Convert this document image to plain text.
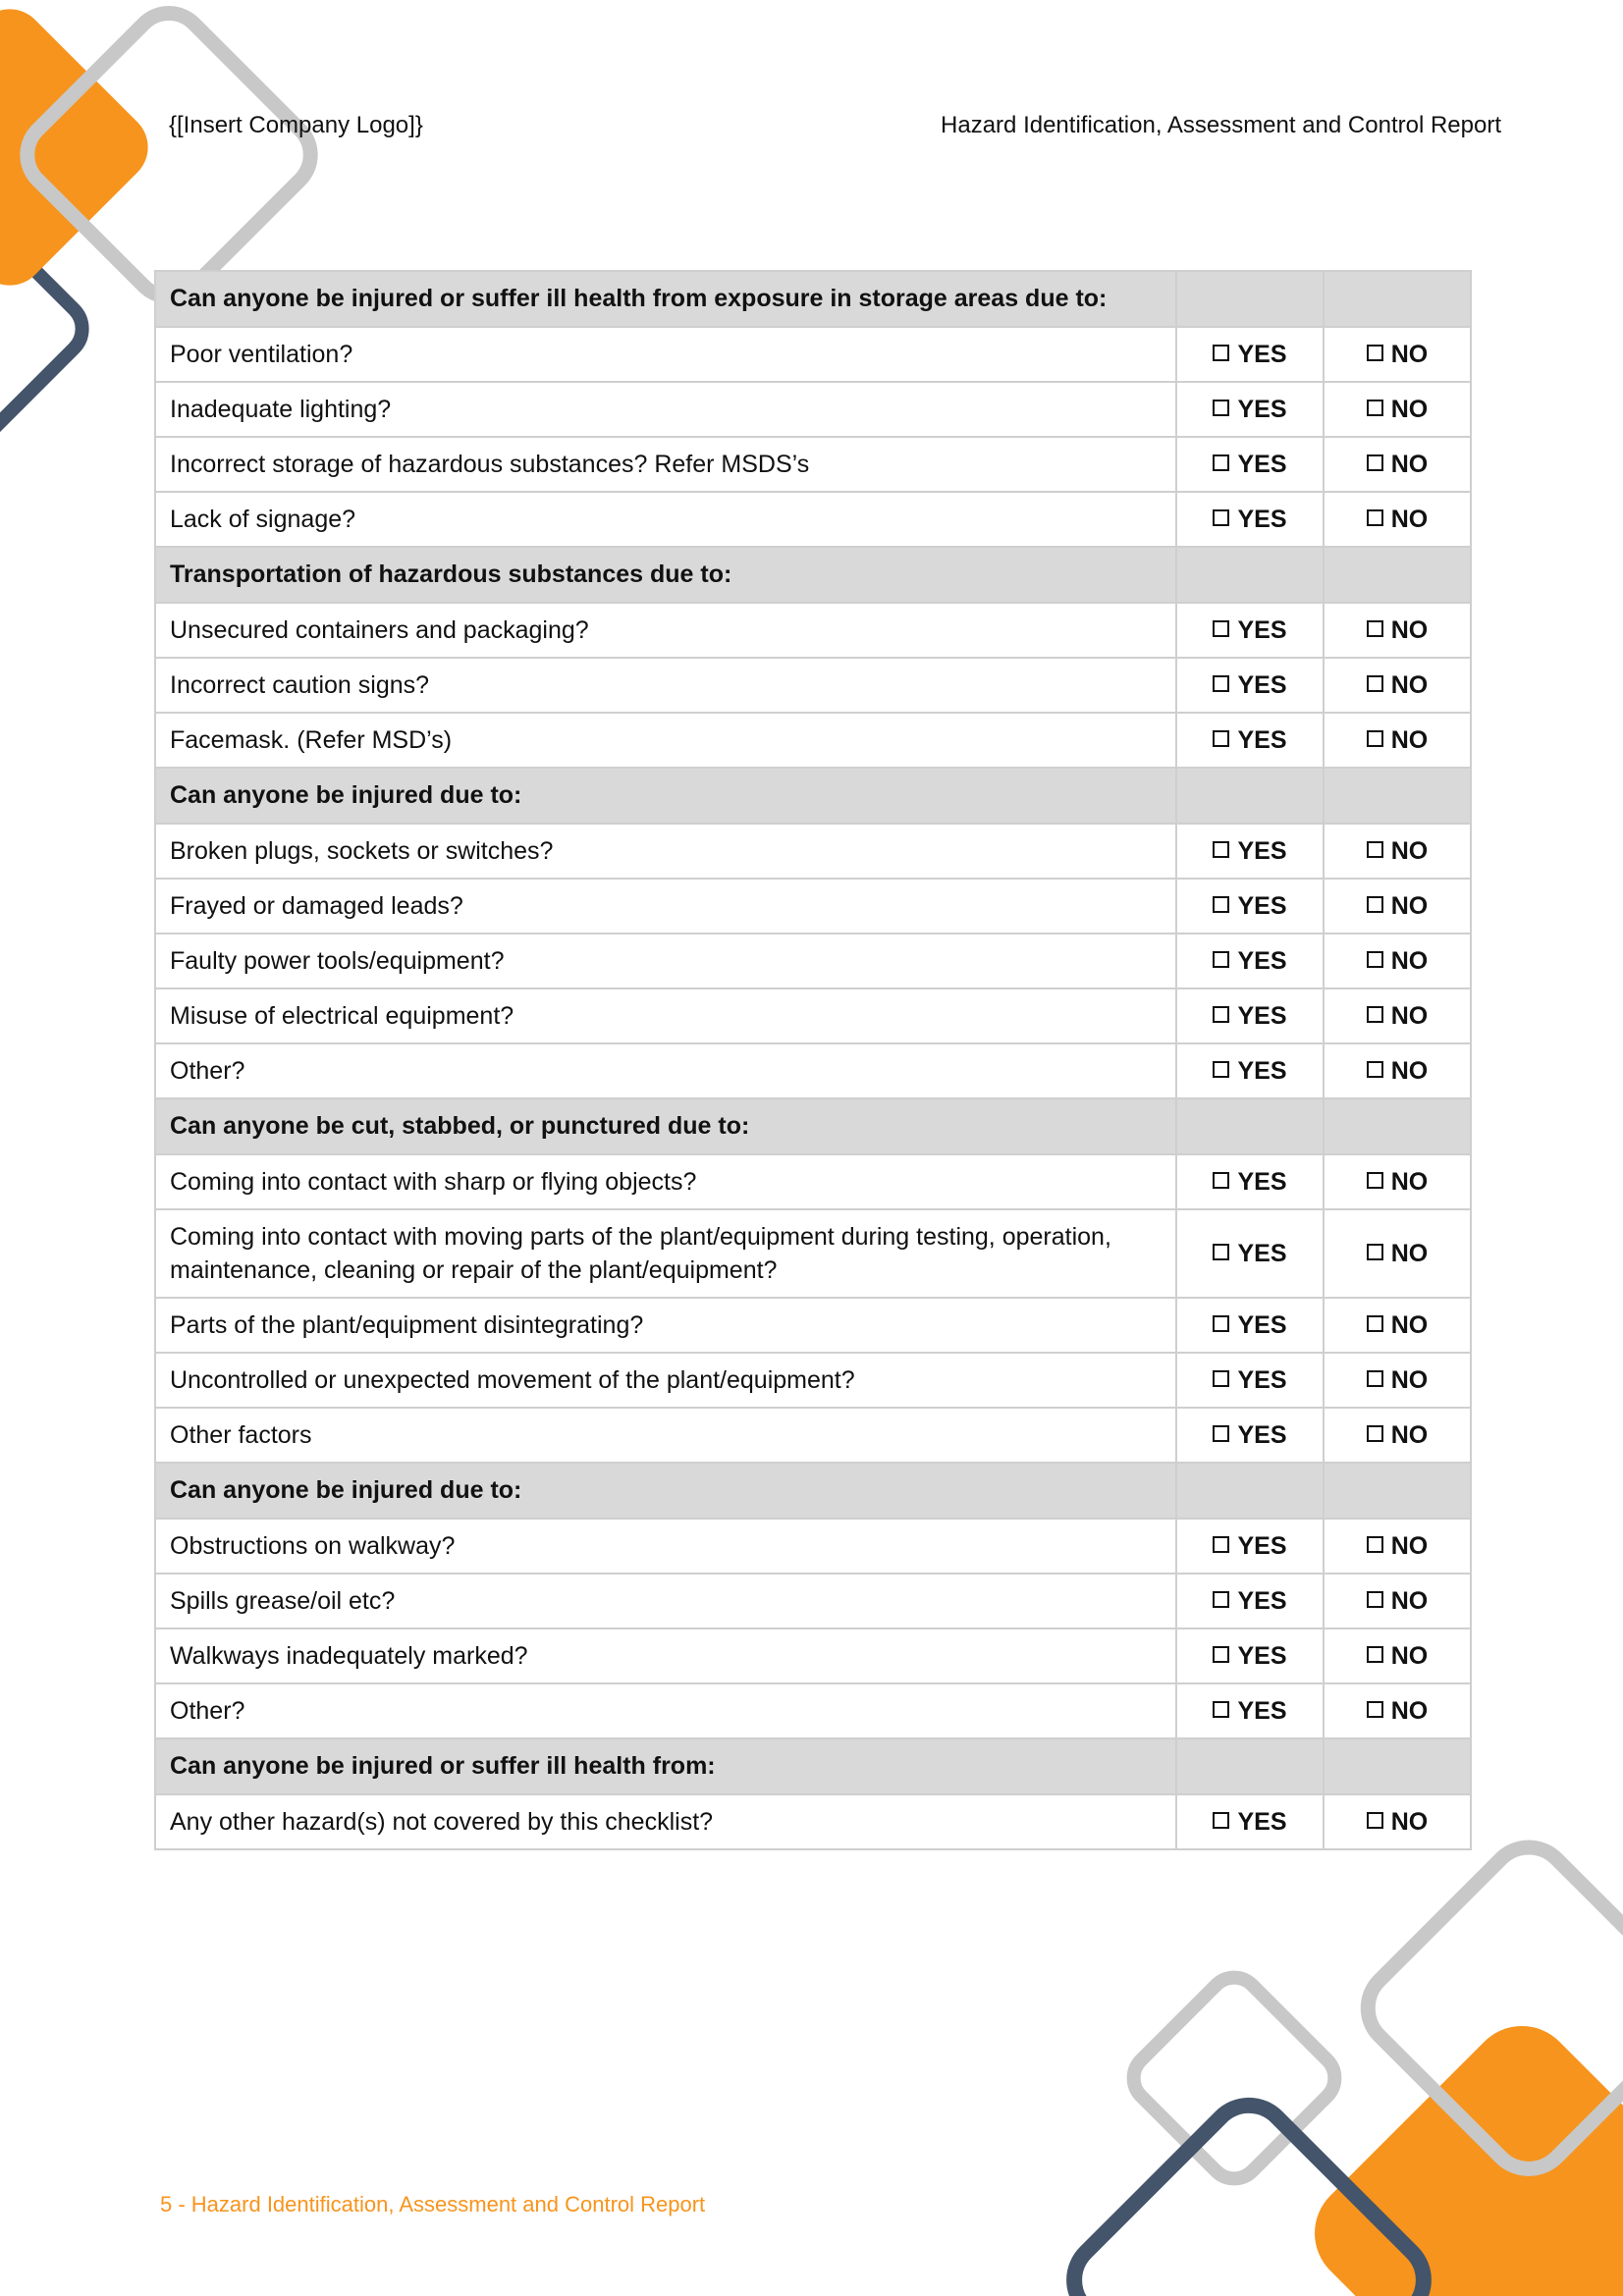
{[Insert Company Logo]}	Hazard Identification, Assessment and Control Report
Can anyone be injured or suffer ill health from exposure in storage areas due to:		
Poor ventilation?	YES	NO
Inadequate lighting?	YES	NO
Incorrect storage of hazardous substances? Refer MSDS’s	YES	NO
Lack of signage?	YES	NO
Transportation of hazardous substances due to:		
Unsecured containers and packaging?	YES	NO
Incorrect caution signs?	YES	NO
Facemask. (Refer MSD’s)	YES	NO
Can anyone be injured due to:		
Broken plugs, sockets or switches?	YES	NO
Frayed or damaged leads?	YES	NO
Faulty power tools/equipment?	YES	NO
Misuse of electrical equipment?	YES	NO
Other?	YES	NO
Can anyone be cut, stabbed, or punctured due to:		
Coming into contact with sharp or flying objects?	YES	NO
Coming into contact with moving parts of the plant/equipment during testing, operation, maintenance, cleaning or repair of the plant/equipment?	YES	NO
Parts of the plant/equipment disintegrating?	YES	NO
Uncontrolled or unexpected movement of the plant/equipment?	YES	NO
Other factors	YES	NO
Can anyone be injured due to:		
Obstructions on walkway?	YES	NO
Spills grease/oil etc?	YES	NO
Walkways inadequately marked?	YES	NO
Other?	YES	NO
Can anyone be injured or suffer ill health from:		
Any other hazard(s) not covered by this checklist?	YES	NO
5 - Hazard Identification, Assessment and Control Report
